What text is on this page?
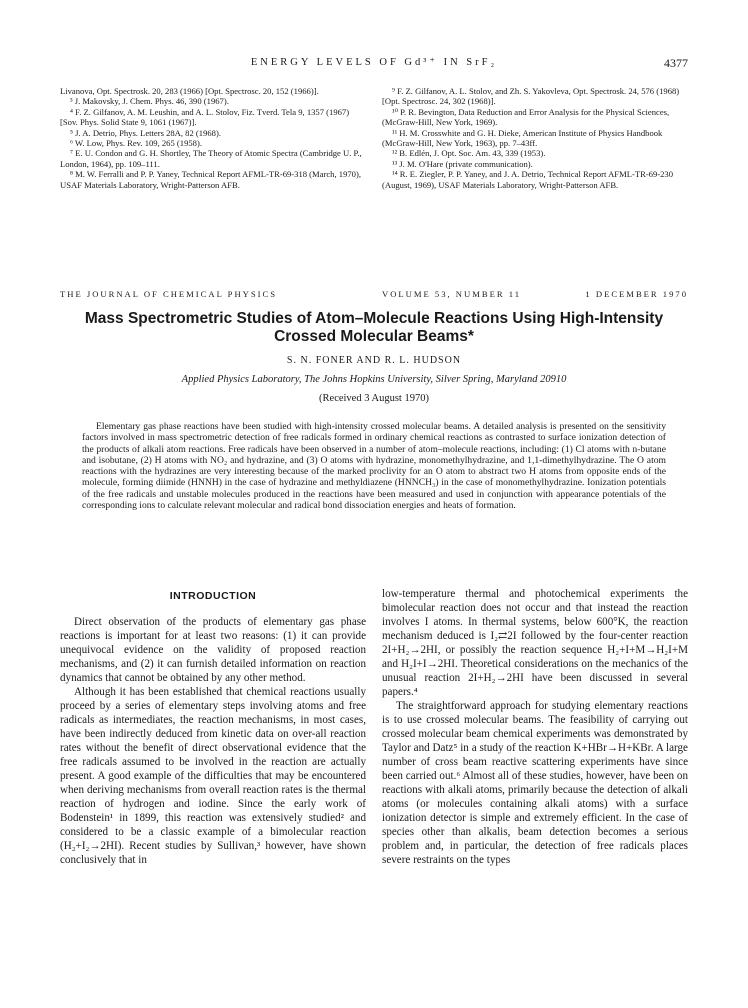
ENERGY LEVELS OF Gd³⁺ IN SrF₂	4377

Livanova, Opt. Spectrosk. 20, 283 (1966) [Opt. Spectrosc. 20, 152 (1966)].

³ J. Makovsky, J. Chem. Phys. 46, 390 (1967).

⁴ F. Z. Gilfanov, A. M. Leushin, and A. L. Stolov, Fiz. Tverd. Tela 9, 1357 (1967) [Sov. Phys. Solid State 9, 1061 (1967)].

⁵ J. A. Detrio, Phys. Letters 28A, 82 (1968).

⁶ W. Low, Phys. Rev. 109, 265 (1958).

⁷ E. U. Condon and G. H. Shortley, The Theory of Atomic Spectra (Cambridge U. P., London, 1964), pp. 109–111.

⁸ M. W. Ferralli and P. P. Yaney, Technical Report AFML-TR-69-318 (March, 1970), USAF Materials Laboratory, Wright-Patterson AFB.

⁹ F. Z. Gilfanov, A. L. Stolov, and Zh. S. Yakovleva, Opt. Spectrosk. 24, 576 (1968) [Opt. Spectrosc. 24, 302 (1968)].

¹⁰ P. R. Bevington, Data Reduction and Error Analysis for the Physical Sciences, (McGraw-Hill, New York, 1969).

¹¹ H. M. Crosswhite and G. H. Dieke, American Institute of Physics Handbook (McGraw-Hill, New York, 1963), pp. 7–43ff.

¹² B. Edlén, J. Opt. Soc. Am. 43, 339 (1953).

¹³ J. M. O'Hare (private communication).

¹⁴ R. E. Ziegler, P. P. Yaney, and J. A. Detrio, Technical Report AFML-TR-69-230 (August, 1969), USAF Materials Laboratory, Wright-Patterson AFB.

THE JOURNAL OF CHEMICAL PHYSICS	VOLUME 53, NUMBER 11	1 DECEMBER 1970
Mass Spectrometric Studies of Atom–Molecule Reactions Using High-Intensity Crossed Molecular Beams*
S. N. FONER AND R. L. HUDSON
Applied Physics Laboratory, The Johns Hopkins University, Silver Spring, Maryland 20910
(Received 3 August 1970)

Elementary gas phase reactions have been studied with high-intensity crossed molecular beams. A detailed analysis is presented on the sensitivity factors involved in mass spectrometric detection of free radicals formed in ordinary chemical reactions as contrasted to surface ionization detection of the products of alkali atom reactions. Free radicals have been observed in a number of atom–molecule reactions, including: (1) Cl atoms with n-butane and isobutane, (2) H atoms with NO₂ and hydrazine, and (3) O atoms with hydrazine, monomethylhydrazine, and 1,1-dimethylhydrazine. The O atom reactions with the hydrazines are very interesting because of the marked proclivity for an O atom to abstract two H atoms from opposite ends of the molecule, forming diimide (HNNH) in the case of hydrazine and methyldiazene (HNNCH₃) in the case of monomethylhydrazine. Ionization potentials of the free radicals and unstable molecules produced in the reactions have been measured and used in conjunction with appearance potentials of the corresponding ions to calculate relevant molecular and radical bond dissociation energies and heats of formation.

INTRODUCTION

Direct observation of the products of elementary gas phase reactions is important for at least two reasons: (1) it can provide unequivocal evidence on the validity of proposed reaction mechanisms, and (2) it can furnish detailed information on reaction dynamics that cannot be obtained by any other method.

Although it has been established that chemical reactions usually proceed by a series of elementary steps involving atoms and free radicals as intermediates, the reaction mechanisms, in most cases, have been indirectly deduced from kinetic data on over-all reaction rates without the benefit of direct observational evidence that the free radicals assumed to be involved in the reaction are actually present. A good example of the difficulties that may be encountered when deriving mechanisms from overall reaction rates is the thermal reaction of hydrogen and iodine. Since the early work of Bodenstein¹ in 1899, this reaction was extensively studied² and considered to be a classic example of a bimolecular reaction (H₂+I₂→2HI). Recent studies by Sullivan,³ however, have shown conclusively that in

low-temperature thermal and photochemical experiments the bimolecular reaction does not occur and that instead the reaction involves I atoms. In thermal systems, below 600°K, the reaction mechanism deduced is I₂⇄2I followed by the four-center reaction 2I+H₂→2HI, or possibly the reaction sequence H₂+I+M→H₂I+M and H₂I+I→2HI. Theoretical considerations on the mechanics of the unusual reaction 2I+H₂→2HI have been discussed in several papers.⁴

The straightforward approach for studying elementary reactions is to use crossed molecular beams. The feasibility of carrying out crossed molecular beam chemical experiments was demonstrated by Taylor and Datz⁵ in a study of the reaction K+HBr→H+KBr. A large number of cross beam reactive scattering experiments have since been carried out.⁶ Almost all of these studies, however, have been on reactions with alkali atoms, primarily because the detection of alkali atoms (or molecules containing alkali atoms) with a surface ionization detector is simple and extremely efficient. In the case of species other than alkalis, beam detection becomes a serious problem and, in particular, the detection of free radicals places severe restraints on the types
